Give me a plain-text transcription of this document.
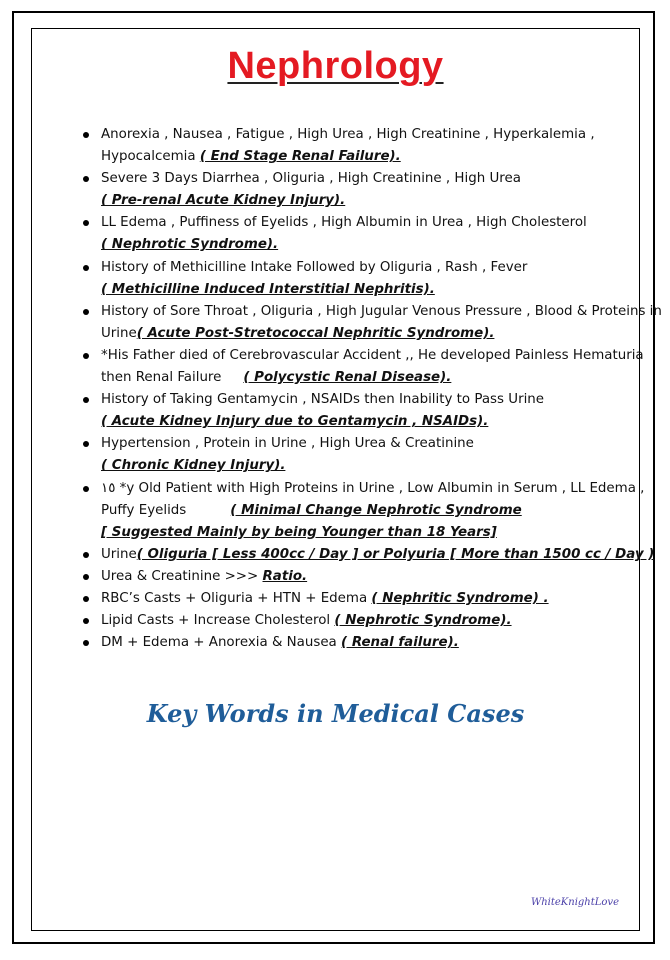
Nephrology
Anorexia , Nausea , Fatigue , High Urea , High Creatinine , Hyperkalemia ,
Hypocalcemia ( End Stage Renal Failure).
Severe 3 Days Diarrhea , Oliguria , High Creatinine , High Urea
( Pre-renal Acute Kidney Injury).
LL Edema , Puffiness of Eyelids , High Albumin in Urea , High Cholesterol
( Nephrotic Syndrome).
History of Methicilline Intake Followed by Oliguria , Rash , Fever
( Methicilline Induced Interstitial Nephritis).
History of Sore Throat , Oliguria , High Jugular Venous Pressure , Blood & Proteins in
Urine( Acute Post-Stretococcal Nephritic Syndrome).
*His Father died of Cerebrovascular Accident ,, He developed Painless Hematuria
then Renal Failure ( Polycystic Renal Disease).
History of Taking Gentamycin , NSAIDs then Inability to Pass Urine
( Acute Kidney Injury due to Gentamycin , NSAIDs).
Hypertension , Protein in Urine , High Urea & Creatinine
( Chronic Kidney Injury).
١٥ *y Old Patient with High Proteins in Urine , Low Albumin in Serum , LL Edema ,
Puffy Eyelids	( Minimal Change Nephrotic Syndrome
[ Suggested Mainly by being Younger than 18 Years]
Urine( Oliguria [ Less 400cc / Day ] or Polyuria [ More than 1500 cc / Day )
Urea & Creatinine >>> Ratio.
RBC’s Casts + Oliguria + HTN + Edema ( Nephritic Syndrome) .
Lipid Casts + Increase Cholesterol ( Nephrotic Syndrome).
DM + Edema + Anorexia & Nausea ( Renal failure).

Key Words in Medical Cases

WhiteKnightLove
